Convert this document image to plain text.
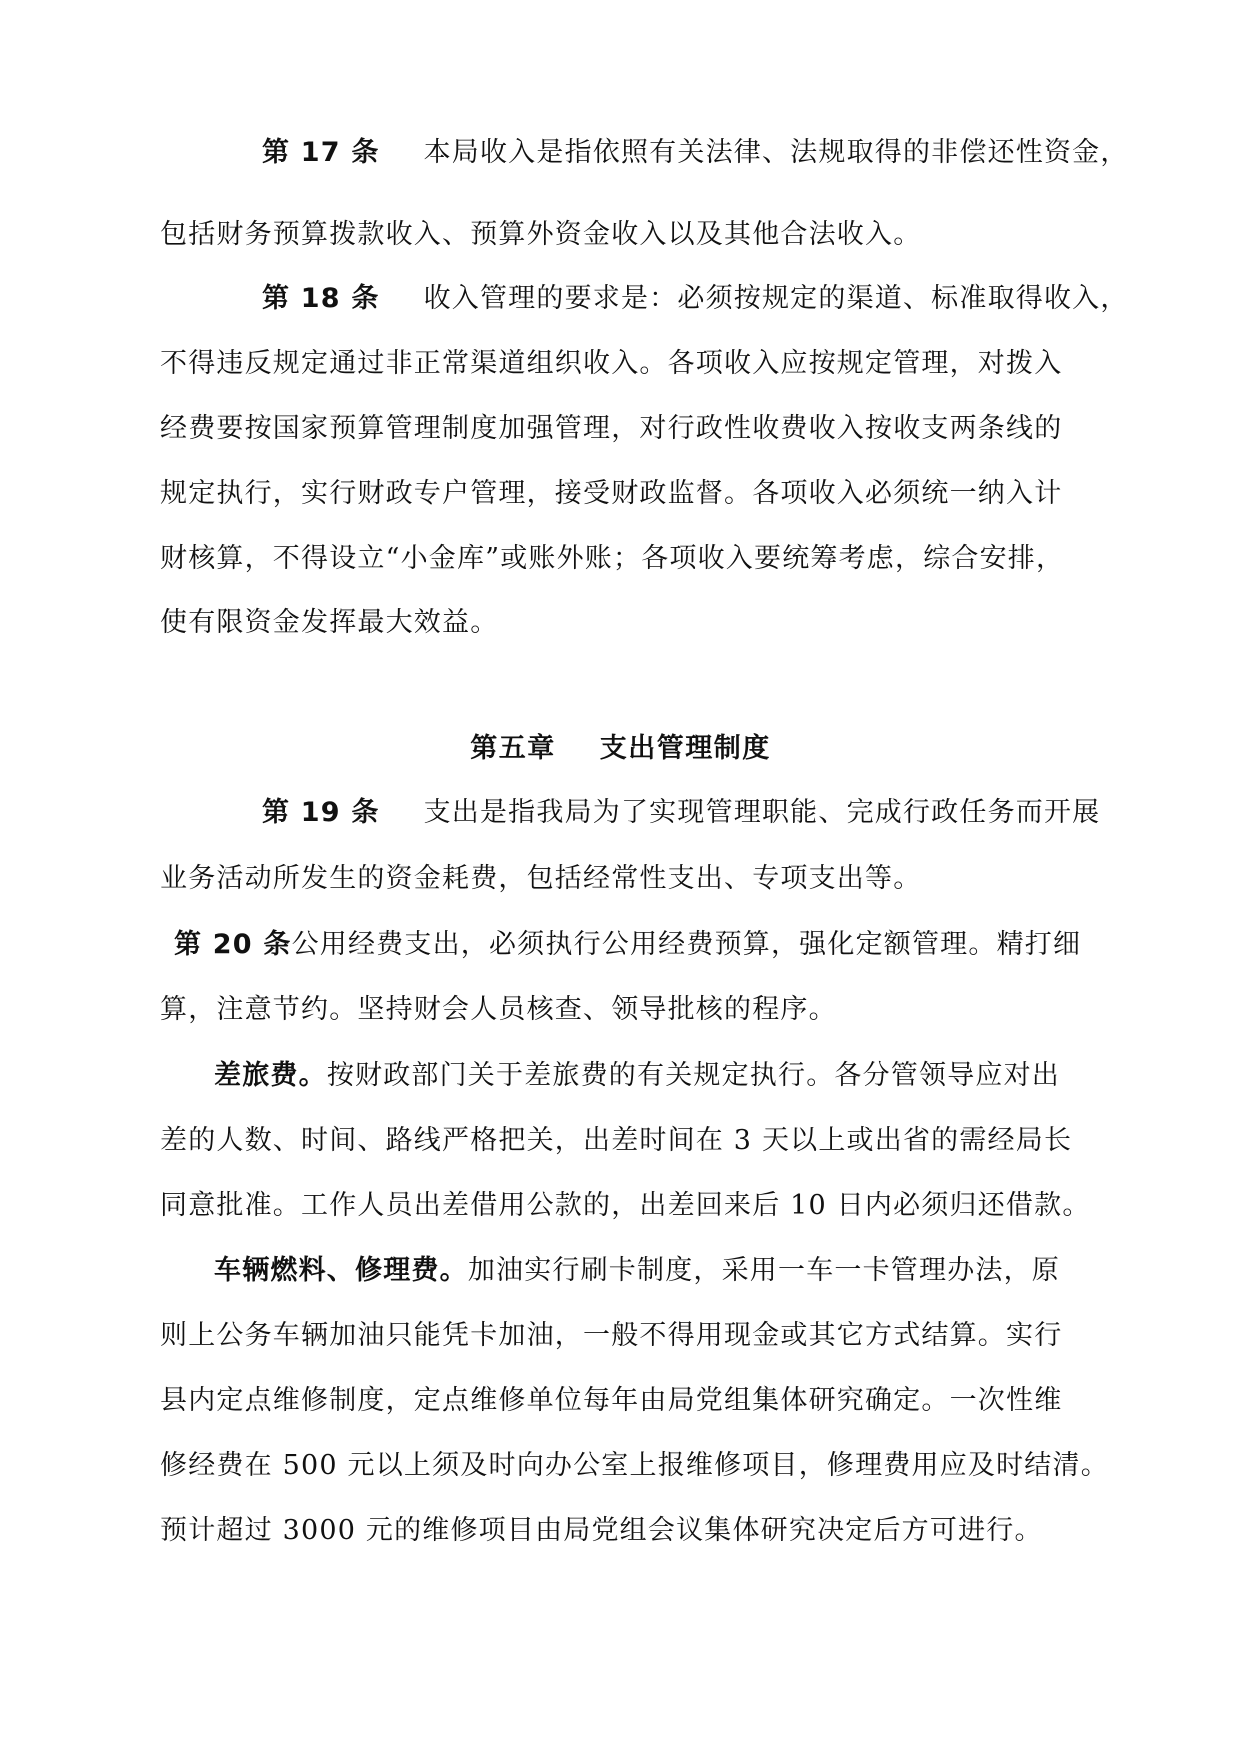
第 17 条 本局收入是指依照有关法律、法规取得的非偿还性资金，
包括财务预算拨款收入、预算外资金收入以及其他合法收入。
第 18 条 收入管理的要求是：必须按规定的渠道、标准取得收入，
不得违反规定通过非正常渠道组织收入。各项收入应按规定管理，对拨入
经费要按国家预算管理制度加强管理，对行政性收费收入按收支两条线的
规定执行，实行财政专户管理，接受财政监督。各项收入必须统一纳入计
财核算，不得设立“小金库”或账外账；各项收入要统筹考虑，综合安排，
使有限资金发挥最大效益。
第五章 支出管理制度
第 19 条 支出是指我局为了实现管理职能、完成行政任务而开展
业务活动所发生的资金耗费，包括经常性支出、专项支出等。
第 20 条公用经费支出，必须执行公用经费预算，强化定额管理。精打细
算，注意节约。坚持财会人员核查、领导批核的程序。
差旅费。按财政部门关于差旅费的有关规定执行。各分管领导应对出
差的人数、时间、路线严格把关，出差时间在 3 天以上或出省的需经局长
同意批准。工作人员出差借用公款的，出差回来后 10 日内必须归还借款。
车辆燃料、修理费。加油实行刷卡制度，采用一车一卡管理办法，原
则上公务车辆加油只能凭卡加油，一般不得用现金或其它方式结算。实行
县内定点维修制度，定点维修单位每年由局党组集体研究确定。一次性维
修经费在 500 元以上须及时向办公室上报维修项目，修理费用应及时结清。
预计超过 3000 元的维修项目由局党组会议集体研究决定后方可进行。
